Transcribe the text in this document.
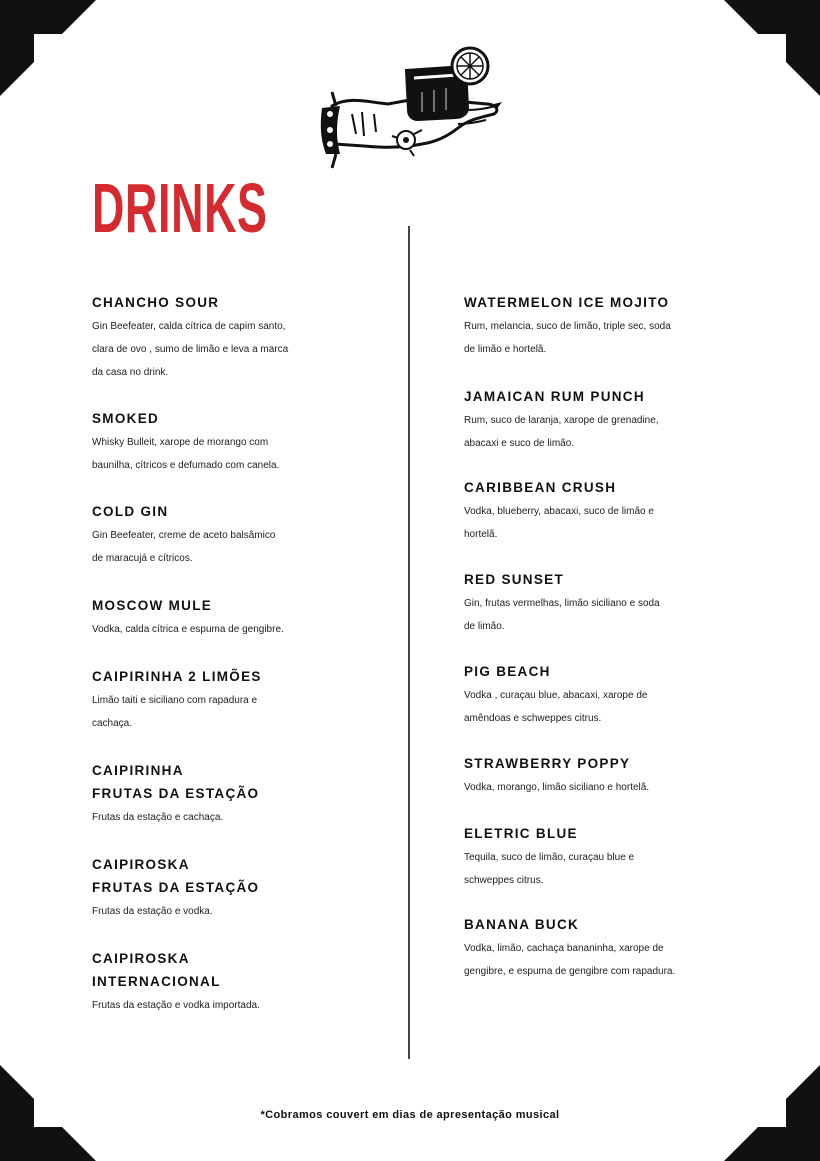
DRINKS
CHANCHO SOUR
Gin Beefeater, calda cítrica de capim santo,
clara de ovo , sumo de limão e leva a marca
da casa no drink.
SMOKED
Whisky Bulleit, xarope de morango com
baunilha, cítricos e defumado com canela.
COLD GIN
Gin Beefeater, creme de aceto balsâmico
de maracujá e cítricos.
MOSCOW MULE
Vodka, calda cítrica e espuma de gengibre.
CAIPIRINHA 2 LIMÕES
Limão taiti e siciliano com rapadura e
cachaça.
CAIPIRINHA
FRUTAS DA ESTAÇÃO
Frutas da estação e cachaça.
CAIPIROSKA
FRUTAS DA ESTAÇÃO
Frutas da estação e vodka.
CAIPIROSKA
INTERNACIONAL
Frutas da estação e vodka importada.
WATERMELON ICE MOJITO
Rum, melancia, suco de limão, triple sec, soda
de limão e hortelã.
JAMAICAN RUM PUNCH
Rum, suco de laranja, xarope de grenadine,
abacaxi e suco de limão.
CARIBBEAN CRUSH
Vodka, blueberry, abacaxi, suco de limão e
hortelã.
RED SUNSET
Gin, frutas vermelhas, limão siciliano e soda
de limão.
PIG BEACH
Vodka , curaçau blue, abacaxi, xarope de
amêndoas e schweppes citrus.
STRAWBERRY POPPY
Vodka, morango, limão siciliano e hortelã.
ELETRIC BLUE
Tequila, suco de limão, curaçau blue e
schweppes citrus.
BANANA BUCK
Vodka, limão, cachaça bananinha, xarope de
gengibre, e espuma de gengibre com rapadura.
*Cobramos couvert em dias de apresentação musical
